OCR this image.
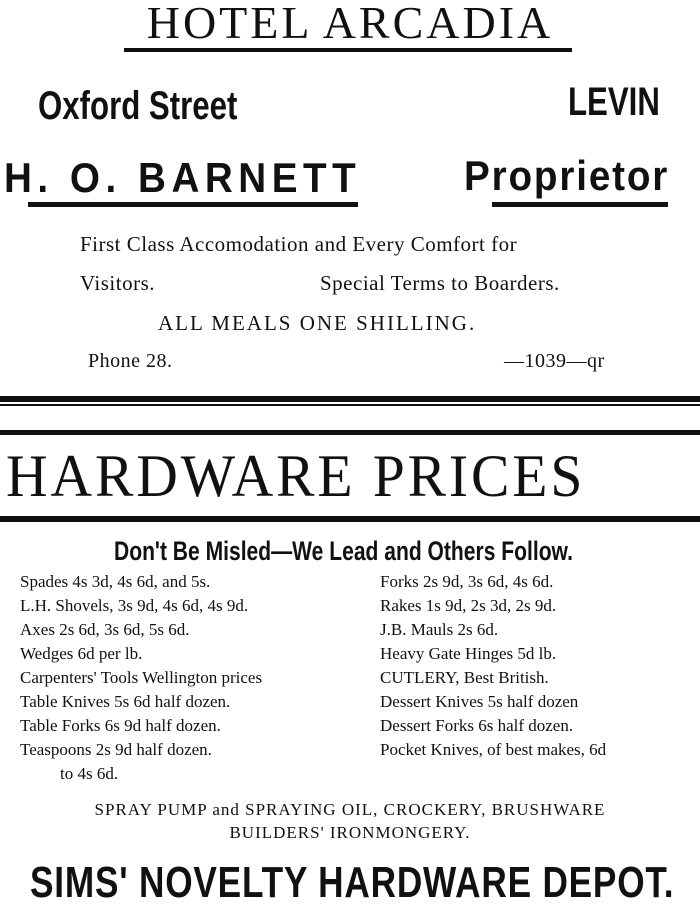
HOTEL ARCADIA
Oxford Street	LEVIN
H. O. BARNETT Proprietor
First Class Accomodation and Every Comfort for
Visitors.	Special Terms to Boarders.
ALL MEALS ONE SHILLING.
Phone 28.	—1039—qr
HARDWARE PRICES
Don't Be Misled—We Lead and Others Follow.
Spades 4s 3d, 4s 6d, and 5s.
L.H. Shovels, 3s 9d, 4s 6d, 4s 9d.
Axes 2s 6d, 3s 6d, 5s 6d.
Wedges 6d per lb.
Carpenters' Tools Wellington prices
Table Knives 5s 6d half dozen.
Table Forks 6s 9d half dozen.
Teaspoons 2s 9d half dozen.
to 4s 6d.
Forks 2s 9d, 3s 6d, 4s 6d.
Rakes 1s 9d, 2s 3d, 2s 9d.
J.B. Mauls 2s 6d.
Heavy Gate Hinges 5d lb.
CUTLERY, Best British.
Dessert Knives 5s half dozen
Dessert Forks 6s half dozen.
Pocket Knives, of best makes, 6d
SPRAY PUMP and SPRAYING OIL, CROCKERY, BRUSHWARE
BUILDERS' IRONMONGERY.
SIMS' NOVELTY HARDWARE DEPOT.
